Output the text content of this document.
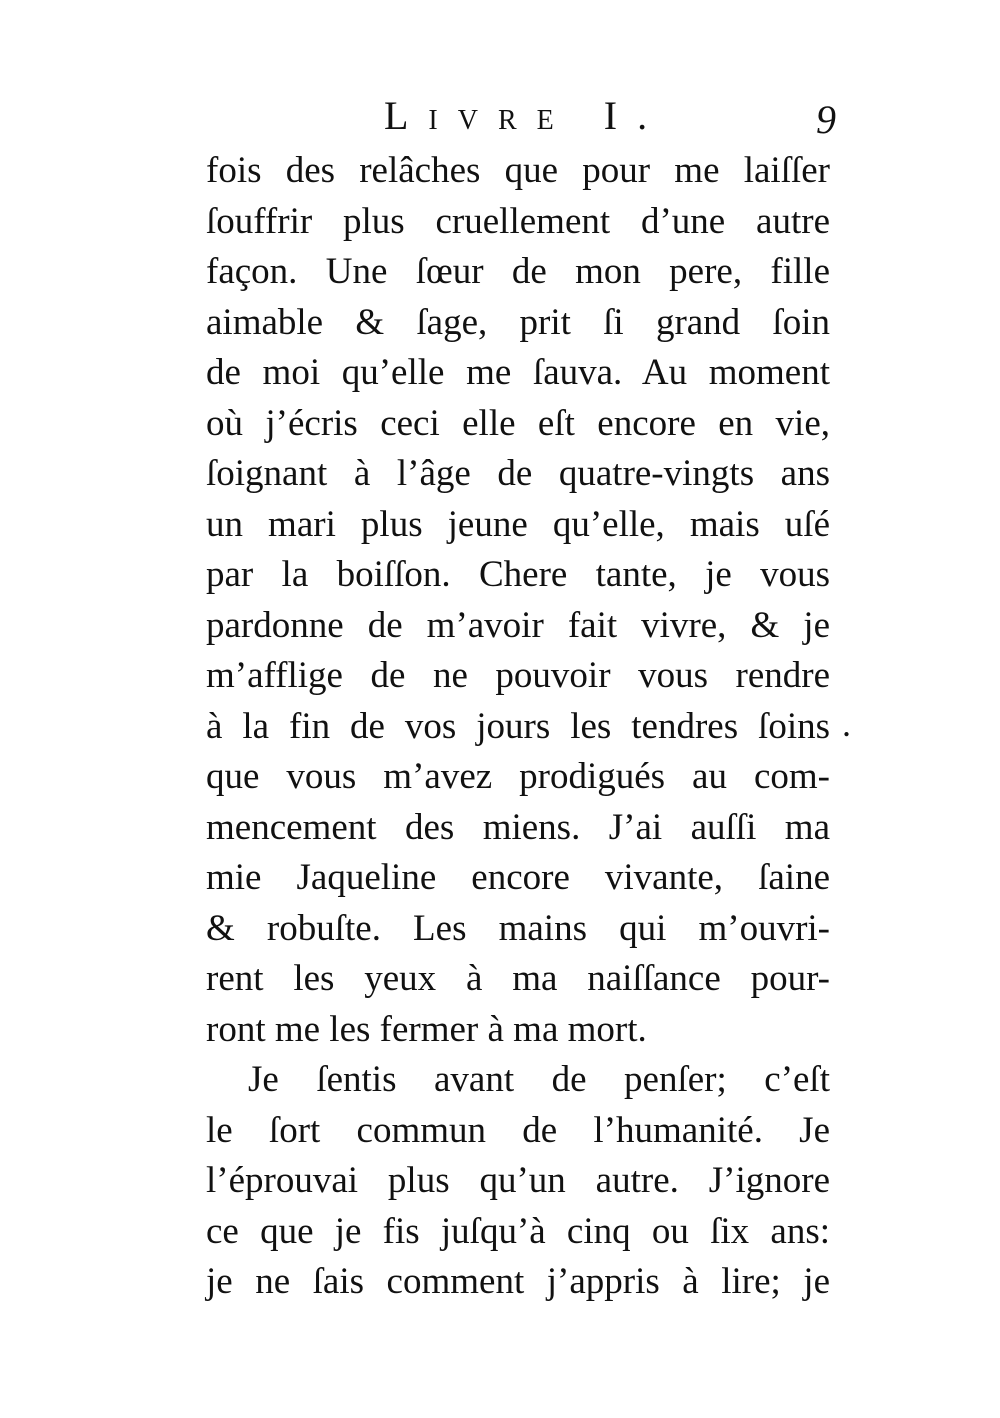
Livre I.	9
fois des relâches que pour me laiſſer
ſouffrir plus cruellement d’une autre
façon. Une ſœur de mon pere, fille
aimable & ſage, prit ſi grand ſoin
de moi qu’elle me ſauva. Au moment
où j’écris ceci elle eſt encore en vie,
ſoignant à l’âge de quatre-vingts ans
un mari plus jeune qu’elle, mais uſé
par la boiſſon. Chere tante, je vous
pardonne de m’avoir fait vivre, & je
m’afflige de ne pouvoir vous rendre
à la fin de vos jours les tendres ſoins
que vous m’avez prodigués au com-
mencement des miens. J’ai auſſi ma
mie Jaqueline encore vivante, ſaine
& robuſte. Les mains qui m’ouvri-
rent les yeux à ma naiſſance pour-
ront me les fermer à ma mort.
Je ſentis avant de penſer; c’eſt
le ſort commun de l’humanité. Je
l’éprouvai plus qu’un autre. J’ignore
ce que je fis juſqu’à cinq ou ſix ans:
je ne ſais comment j’appris à lire; je
.
